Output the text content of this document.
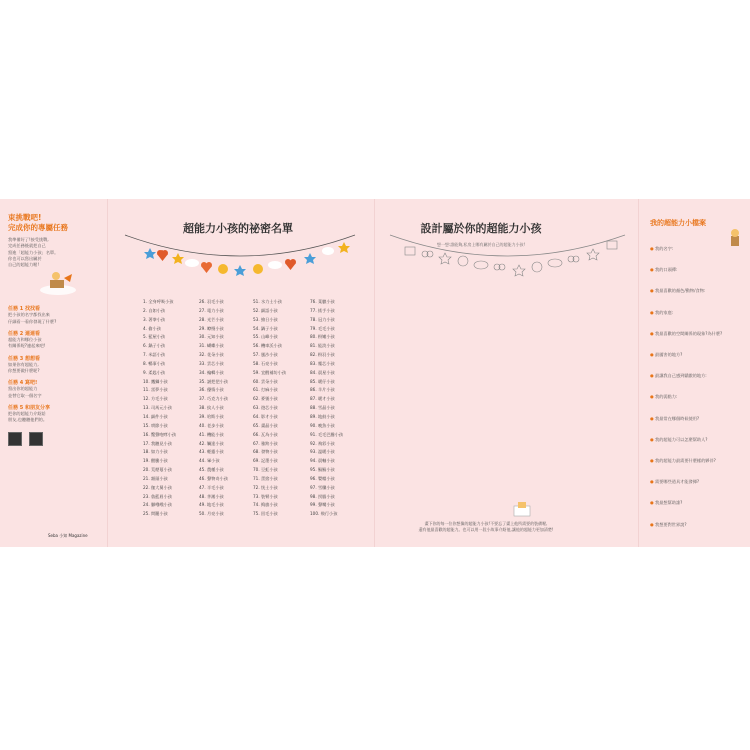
束挑戰吧!
完成你的專屬任務
我準備好了!接受挑戰,
完成任務後就把自己
寫進「超能力小孩」名單。
你也可以寫出屬於
自己的超能力喔!
任務 1 找找看
把小孩的名字都找出來
仔細看一看你發現了什麼?
任務 2 連連看
超能力和哪位小孩
有關係呢?連起來吧!
任務 3 想想看
如果你有超能力,
你想要做什麼呢?
任務 4 寫吧!
寫出你的超能力
並替它取一個名字
任務 5 和朋友分享
把你的超能力介紹給
朋友,也聽聽他們的。

Seba 小知 Magazine
超能力小孩的祕密名單
1. 全身呼吸小孩
2. 自如小孩
3. 著拳小孩
4. 偷小孩
5. 藍屋小孩
6. 鍋子小孩
7. 米語小孩
8. 暢事小孩
9. 柔匙小孩
10. 鷹獅小孩
11. 雷夢小孩
12. 方毛小孩
13. 司馬元小孩
14. 細件小孩
15. 哄節小孩
16. 驚聲咆哮小孩
17. 我聽見小孩
18. 如力小孩
19. 醒騰小孩
20. 荒煙蔓小孩
21. 額頭小孩
22. 伽大舅小孩
23. 魯藍眉小孩
24. 腳峨峨小孩
25. 問罷小孩
26. 羽毛小孩
27. 電力小孩
28. 光芒小孩
29. 瞭慢小孩
30. 元知小孩
31. 蝴蝶小孩
32. 花朵小孩
33. 雲芯小孩
34. 編輯小孩
35. 謎把把小孩
36. 優情小孩
37. 巧克力小孩
38. 紋人小孩
39. 哈斯小孩
40. 老步小孩
41. 機能小孩
42. 觸達小孩
43. 輕靈小孩
44. 畢小孩
45. 農種小孩
46. 聲物奇小孩
47. 半毛小孩
48. 茅湘小孩
49. 地毛小孩
50. 月亮小孩
51. 水力士小孩
52. 細語小孩
53. 繪日小孩
54. 鍋子小孩
55. 山峰小孩
56. 機車沃小孩
57. 風沙小孩
58. 石亮小孩
59. 宜醒補坊小孩
60. 雲朵小孩
61. 打麻小孩
62. 麥號小孩
63. 遊芯小孩
64. 影才小孩
65. 畫晶小孩
66. 瓦為小孩
67. 雅跨小孩
68. 發物小孩
69. 記墨小孩
70. 豆虹小孩
71. 蛋捨小孩
72. 恍土小孩
73. 裝臂小孩
74. 搗旗小孩
75. 回毛小孩
76. 萊臘小孩
77. 搖手小孩
78. 冠力小孩
79. 毛毛小孩
80. 粉嫩小孩
81. 能淡小孩
82. 粉羽小孩
83. 塵芯小孩
84. 晨星小孩
85. 暖仔小孩
86. 羊片小孩
87. 暖才小孩
88. 雪晶小孩
89. 地鼓小孩
90. 晚魚小孩
91. 毛毛巴騰小孩
92. 飛彩小孩
93. 溫暖小孩
94. 晨軸小孩
95. 鬍鬍小孩
96. 嬰帽小孩
97. 雪纖小孩
98. 拐腦小孩
99. 聲嘴小孩
100. 飛行小孩
設計屬於你的超能力小孩
想一想:誰能夠,私房上哪有屬於自己的超能力小孩!
畫下你的每一位你想像的超能力小孩!不要忘了畫上他所需要的裝備喔,
還有他最喜歡的超能力。也可以用一段小故事介紹他,讓他的超能力更加清楚!
我的超能力小檔案
● 我的名字:
● 我的口頭禪:
● 我最喜歡的顏色/動物/食物:
● 我的家庭:
● 我最喜歡的空間關係的現象?為什麼?
● 最厲害的地方?
● 最讓我自己感到驕傲的地方:
● 我的弱點力:
● 我最常在哪個時候使用?
● 我的超能力可以怎麼幫助人?
● 我的超能力最需要什麼樣的夥伴?
● 需要哪些道具才能發揮?
● 我最想幫助誰?
● 我想要對世界說?
